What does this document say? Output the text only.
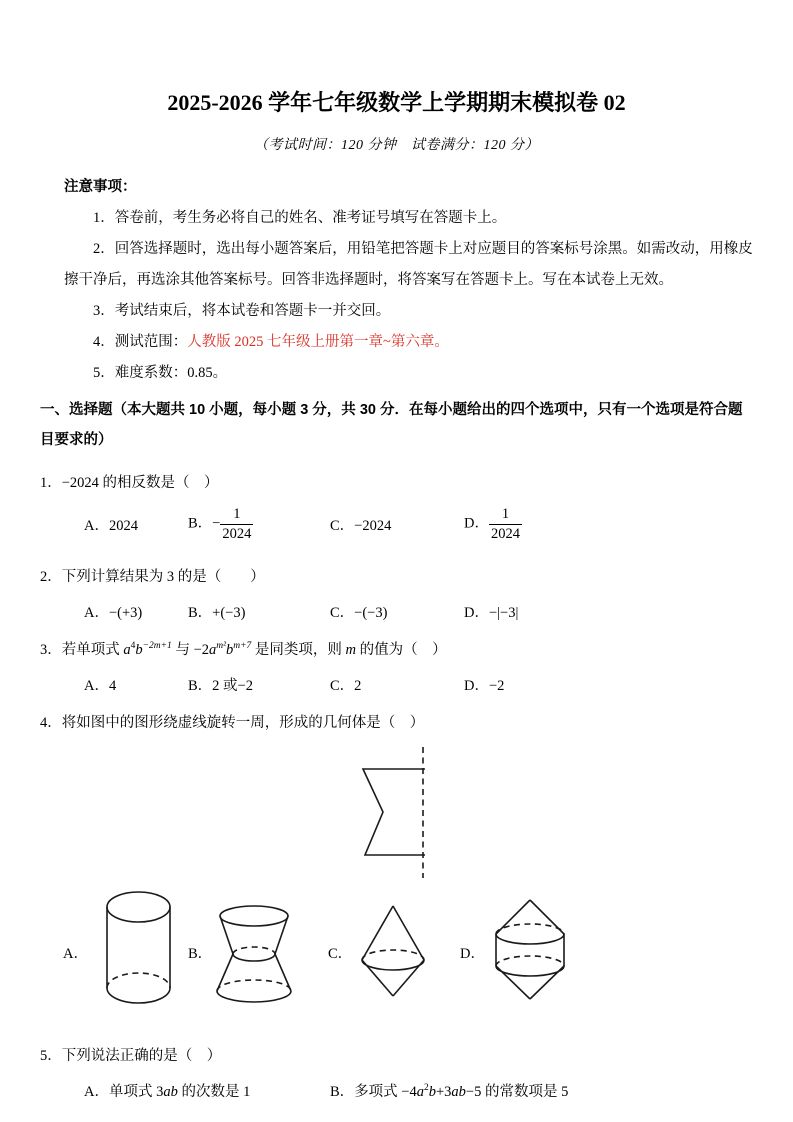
2025-2026 学年七年级数学上学期期末模拟卷 02

（考试时间：120 分钟　试卷满分：120 分）

注意事项：

1．答卷前，考生务必将自己的姓名、准考证号填写在答题卡上。

2．回答选择题时，选出每小题答案后，用铅笔把答题卡上对应题目的答案标号涂黑。如需改动，用橡皮擦干净后，再选涂其他答案标号。回答非选择题时，将答案写在答题卡上。写在本试卷上无效。

3．考试结束后，将本试卷和答题卡一并交回。

4．测试范围：人教版 2025 七年级上册第一章~第六章。

5．难度系数：0.85。

一、选择题（本大题共 10 小题，每小题 3 分，共 30 分．在每小题给出的四个选项中，只有一个选项是符合题目要求的）

1．−2024 的相反数是（　）

A．2024	B．− $\frac{1}{2024}$	C．−2024	D． $\frac{1}{2024}$

2．下列计算结果为 3 的是（　　）

A．−(+3)	B．+(−3)	C．−(−3)	D．−|−3|

3．若单项式 $a^4b^{-2m+1}$ 与 $-2a^{m^2}b^{m+7}$ 是同类项，则 m 的值为（　）

A．4	B．2 或−2	C．2	D．−2

4．将如图中的图形绕虚线旋转一周，形成的几何体是（　）

A．	B．	C．	D．

5．下列说法正确的是（　）

A．单项式 3ab 的次数是 1	B．多项式 $-4a^2b+3ab-5$ 的常数项是 5
